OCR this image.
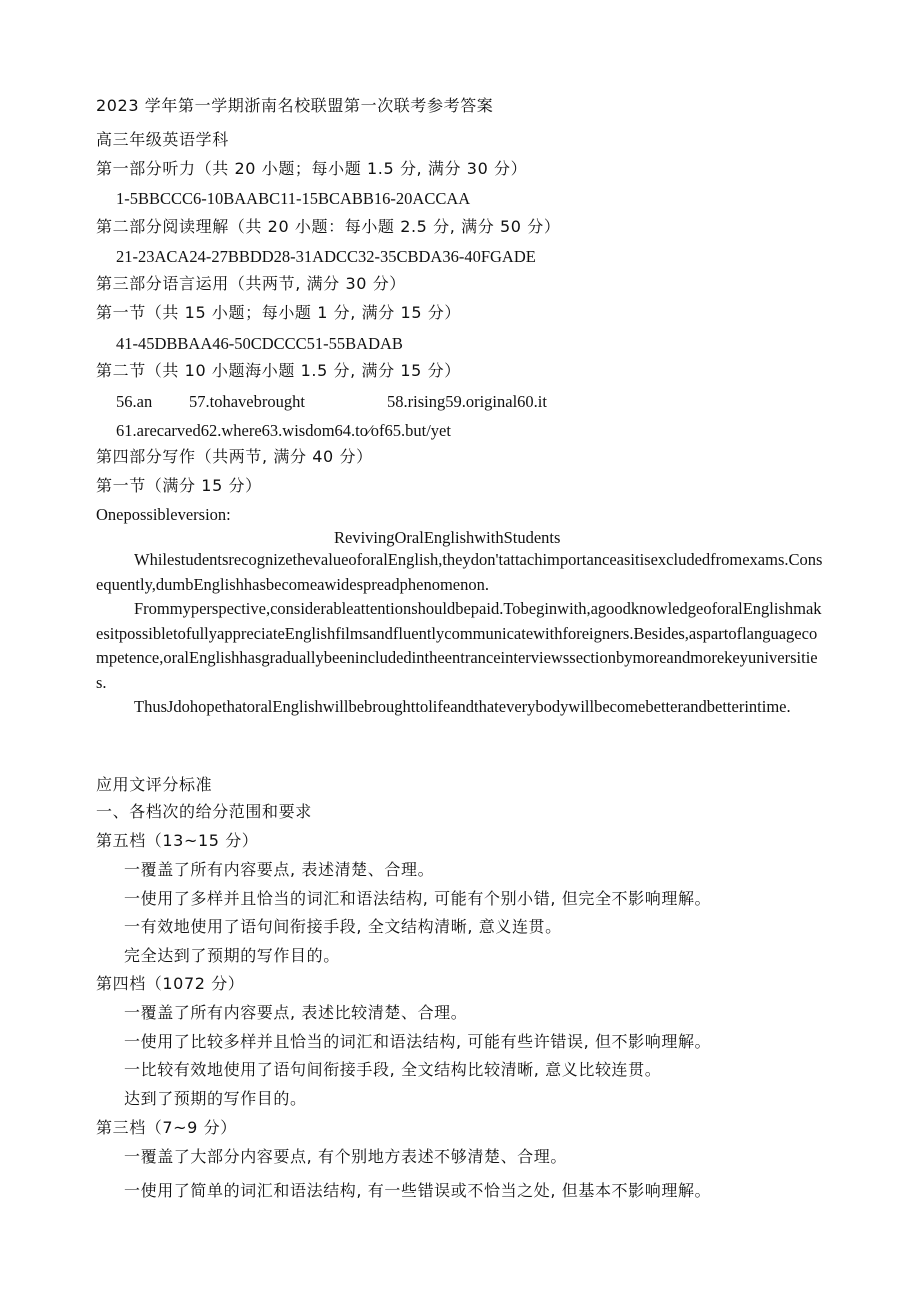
2023 学年第一学期浙南名校联盟第一次联考参考答案
高三年级英语学科
第一部分听力（共 20 小题；每小题 1.5 分, 满分 30 分）
1-5BBCCC6-10BAABC11-15BCABB16-20ACCAA
第二部分阅读理解（共 20 小题：每小题 2.5 分, 满分 50 分）
21-23ACA24-27BBDD28-31ADCC32-35CBDA36-40FGADE
第三部分语言运用（共两节, 满分 30 分）
第一节（共 15 小题；每小题 1 分, 满分 15 分）
41-45DBBAA46-50CDCCC51-55BADAB
第二节（共 10 小题海小题 1.5 分, 满分 15 分）
56.an 57.tohavebrought	58.rising59.original60.it
61.arecarved62.where63.wisdom64.to∕of65.but/yet
第四部分写作（共两节, 满分 40 分）
第一节（满分 15 分）
Onepossibleversion:
RevivingOralEnglishwithStudents

WhilestudentsrecognizethevalueoforalEnglish,theydon'tattachimportanceasitisexcludedfromexams.Consequently,dumbEnglishhasbecomeawidespreadphenomenon.

Frommyperspective,considerableattentionshouldbepaid.Tobeginwith,agoodknowledgeoforalEnglishmakesitpossibletofullyappreciateEnglishfilmsandfluentlycommunicatewithforeigners.Besides,aspartoflanguagecompetence,oralEnglishhasgraduallybeenincludedintheentranceinterviewssectionbymoreandmorekeyuniversities.

ThusJdohopethatoralEnglishwillbebroughttolifeandthateverybodywillbecomebetterandbetterintime.

应用文评分标准
一、各档次的给分范围和要求
第五档（13~15 分）
一覆盖了所有内容要点, 表述清楚、合理。
一使用了多样并且恰当的词汇和语法结构, 可能有个别小错, 但完全不影响理解。
一有效地使用了语句间衔接手段, 全文结构清晰, 意义连贯。
完全达到了预期的写作目的。
第四档（1072 分）
一覆盖了所有内容要点, 表述比较清楚、合理。
一使用了比较多样并且恰当的词汇和语法结构, 可能有些许错误, 但不影响理解。
一比较有效地使用了语句间衔接手段, 全文结构比较清晰, 意义比较连贯。
达到了预期的写作目的。
第三档（7~9 分）
一覆盖了大部分内容要点, 有个别地方表述不够清楚、合理。
一使用了简单的词汇和语法结构, 有一些错误或不恰当之处, 但基本不影响理解。
